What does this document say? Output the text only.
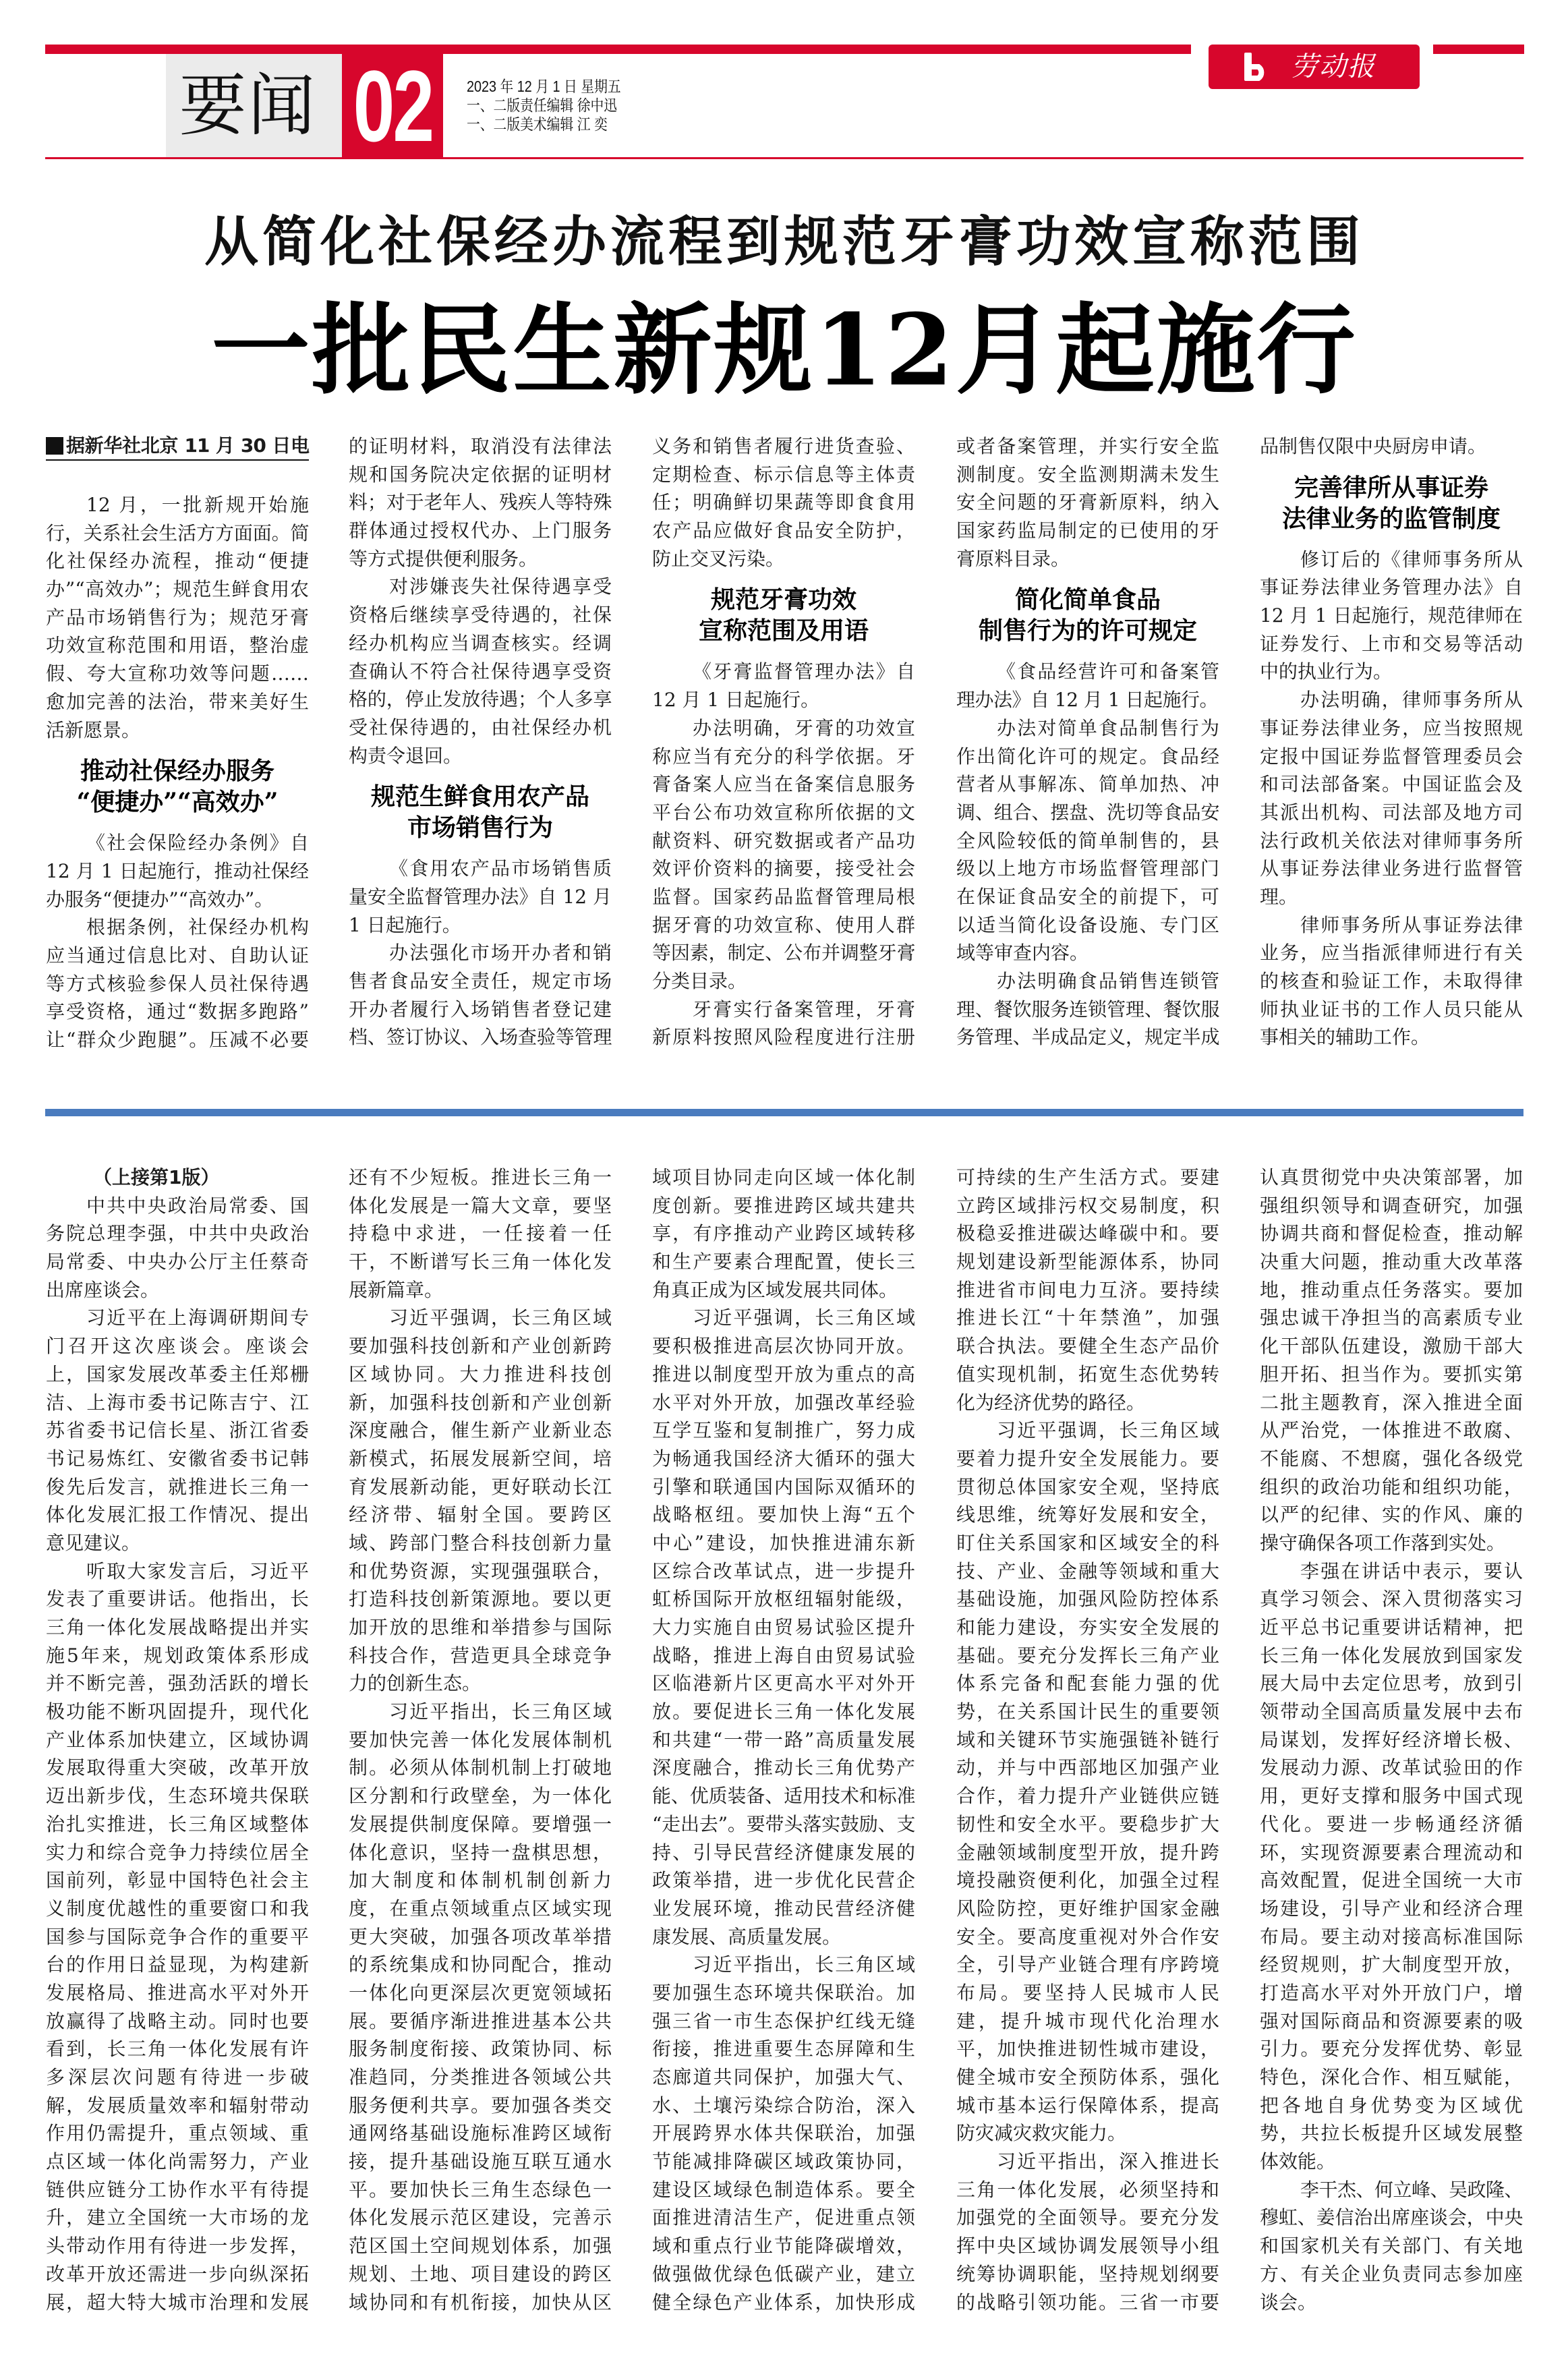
要闻 02 2023 年 12 月 1 日 星期五
一、二版责任编辑 徐中迅
一、二版美术编辑 江 奕
劳动报
从简化社保经办流程到规范牙膏功效宣称范围
一批民生新规12月起施行
据新华社北京 11 月 30 日电
12 月，一批新规开始施
行，关系社会生活方方面面。简
化社保经办流程，推动“便捷
办”“高效办”；规范生鲜食用农
产品市场销售行为；规范牙膏
功效宣称范围和用语，整治虚
假、夸大宣称功效等问题……
愈加完善的法治，带来美好生
活新愿景。
推动社保经办服务
“便捷办”“高效办”
《社会保险经办条例》自
12 月 1 日起施行，推动社保经
办服务“便捷办”“高效办”。
根据条例，社保经办机构
应当通过信息比对、自助认证
等方式核验参保人员社保待遇
享受资格，通过“数据多跑路”
让“群众少跑腿”。压减不必要
的证明材料，取消没有法律法
规和国务院决定依据的证明材
料；对于老年人、残疾人等特殊
群体通过授权代办、上门服务
等方式提供便利服务。
对涉嫌丧失社保待遇享受
资格后继续享受待遇的，社保
经办机构应当调查核实。经调
查确认不符合社保待遇享受资
格的，停止发放待遇；个人多享
受社保待遇的，由社保经办机
构责令退回。
规范生鲜食用农产品
市场销售行为
《食用农产品市场销售质
量安全监督管理办法》自 12 月
1 日起施行。
办法强化市场开办者和销
售者食品安全责任，规定市场
开办者履行入场销售者登记建
档、签订协议、入场查验等管理
义务和销售者履行进货查验、
定期检查、标示信息等主体责
任；明确鲜切果蔬等即食食用
农产品应做好食品安全防护，
防止交叉污染。
规范牙膏功效
宣称范围及用语
《牙膏监督管理办法》自
12 月 1 日起施行。
办法明确，牙膏的功效宣
称应当有充分的科学依据。牙
膏备案人应当在备案信息服务
平台公布功效宣称所依据的文
献资料、研究数据或者产品功
效评价资料的摘要，接受社会
监督。国家药品监督管理局根
据牙膏的功效宣称、使用人群
等因素，制定、公布并调整牙膏
分类目录。
牙膏实行备案管理，牙膏
新原料按照风险程度进行注册
或者备案管理，并实行安全监
测制度。安全监测期满未发生
安全问题的牙膏新原料，纳入
国家药监局制定的已使用的牙
膏原料目录。
简化简单食品
制售行为的许可规定
《食品经营许可和备案管
理办法》自 12 月 1 日起施行。
办法对简单食品制售行为
作出简化许可的规定。食品经
营者从事解冻、简单加热、冲
调、组合、摆盘、洗切等食品安
全风险较低的简单制售的，县
级以上地方市场监督管理部门
在保证食品安全的前提下，可
以适当简化设备设施、专门区
域等审查内容。
办法明确食品销售连锁管
理、餐饮服务连锁管理、餐饮服
务管理、半成品定义，规定半成
品制售仅限中央厨房申请。
完善律所从事证券
法律业务的监管制度
修订后的《律师事务所从
事证券法律业务管理办法》自
12 月 1 日起施行，规范律师在
证券发行、上市和交易等活动
中的执业行为。
办法明确，律师事务所从
事证券法律业务，应当按照规
定报中国证券监督管理委员会
和司法部备案。中国证监会及
其派出机构、司法部及地方司
法行政机关依法对律师事务所
从事证券法律业务进行监督管
理。
律师事务所从事证券法律
业务，应当指派律师进行有关
的核查和验证工作，未取得律
师执业证书的工作人员只能从
事相关的辅助工作。
（上接第1版）
中共中央政治局常委、国
务院总理李强，中共中央政治
局常委、中央办公厅主任蔡奇
出席座谈会。
习近平在上海调研期间专
门召开这次座谈会。座谈会
上，国家发展改革委主任郑栅
洁、上海市委书记陈吉宁、江
苏省委书记信长星、浙江省委
书记易炼红、安徽省委书记韩
俊先后发言，就推进长三角一
体化发展汇报工作情况、提出
意见建议。
听取大家发言后，习近平
发表了重要讲话。他指出，长
三角一体化发展战略提出并实
施5年来，规划政策体系形成
并不断完善，强劲活跃的增长
极功能不断巩固提升，现代化
产业体系加快建立，区域协调
发展取得重大突破，改革开放
迈出新步伐，生态环境共保联
治扎实推进，长三角区域整体
实力和综合竞争力持续位居全
国前列，彰显中国特色社会主
义制度优越性的重要窗口和我
国参与国际竞争合作的重要平
台的作用日益显现，为构建新
发展格局、推进高水平对外开
放赢得了战略主动。同时也要
看到，长三角一体化发展有许
多深层次问题有待进一步破
解，发展质量效率和辐射带动
作用仍需提升，重点领域、重
点区域一体化尚需努力，产业
链供应链分工协作水平有待提
升，建立全国统一大市场的龙
头带动作用有待进一步发挥，
改革开放还需进一步向纵深拓
展，超大特大城市治理和发展
还有不少短板。推进长三角一
体化发展是一篇大文章，要坚
持稳中求进，一任接着一任
干，不断谱写长三角一体化发
展新篇章。
习近平强调，长三角区域
要加强科技创新和产业创新跨
区域协同。大力推进科技创
新，加强科技创新和产业创新
深度融合，催生新产业新业态
新模式，拓展发展新空间，培
育发展新动能，更好联动长江
经济带、辐射全国。要跨区
域、跨部门整合科技创新力量
和优势资源，实现强强联合，
打造科技创新策源地。要以更
加开放的思维和举措参与国际
科技合作，营造更具全球竞争
力的创新生态。
习近平指出，长三角区域
要加快完善一体化发展体制机
制。必须从体制机制上打破地
区分割和行政壁垒，为一体化
发展提供制度保障。要增强一
体化意识，坚持一盘棋思想，
加大制度和体制机制创新力
度，在重点领域重点区域实现
更大突破，加强各项改革举措
的系统集成和协同配合，推动
一体化向更深层次更宽领域拓
展。要循序渐进推进基本公共
服务制度衔接、政策协同、标
准趋同，分类推进各领域公共
服务便利共享。要加强各类交
通网络基础设施标准跨区域衔
接，提升基础设施互联互通水
平。要加快长三角生态绿色一
体化发展示范区建设，完善示
范区国土空间规划体系，加强
规划、土地、项目建设的跨区
域协同和有机衔接，加快从区
域项目协同走向区域一体化制
度创新。要推进跨区域共建共
享，有序推动产业跨区域转移
和生产要素合理配置，使长三
角真正成为区域发展共同体。
习近平强调，长三角区域
要积极推进高层次协同开放。
推进以制度型开放为重点的高
水平对外开放，加强改革经验
互学互鉴和复制推广，努力成
为畅通我国经济大循环的强大
引擎和联通国内国际双循环的
战略枢纽。要加快上海“五个
中心”建设，加快推进浦东新
区综合改革试点，进一步提升
虹桥国际开放枢纽辐射能级，
大力实施自由贸易试验区提升
战略，推进上海自由贸易试验
区临港新片区更高水平对外开
放。要促进长三角一体化发展
和共建“一带一路”高质量发展
深度融合，推动长三角优势产
能、优质装备、适用技术和标准
“走出去”。要带头落实鼓励、支
持、引导民营经济健康发展的
政策举措，进一步优化民营企
业发展环境，推动民营经济健
康发展、高质量发展。
习近平指出，长三角区域
要加强生态环境共保联治。加
强三省一市生态保护红线无缝
衔接，推进重要生态屏障和生
态廊道共同保护，加强大气、
水、土壤污染综合防治，深入
开展跨界水体共保联治，加强
节能减排降碳区域政策协同，
建设区域绿色制造体系。要全
面推进清洁生产，促进重点领
域和重点行业节能降碳增效，
做强做优绿色低碳产业，建立
健全绿色产业体系，加快形成
可持续的生产生活方式。要建
立跨区域排污权交易制度，积
极稳妥推进碳达峰碳中和。要
规划建设新型能源体系，协同
推进省市间电力互济。要持续
推进长江“十年禁渔”，加强
联合执法。要健全生态产品价
值实现机制，拓宽生态优势转
化为经济优势的路径。
习近平强调，长三角区域
要着力提升安全发展能力。要
贯彻总体国家安全观，坚持底
线思维，统筹好发展和安全，
盯住关系国家和区域安全的科
技、产业、金融等领域和重大
基础设施，加强风险防控体系
和能力建设，夯实安全发展的
基础。要充分发挥长三角产业
体系完备和配套能力强的优
势，在关系国计民生的重要领
域和关键环节实施强链补链行
动，并与中西部地区加强产业
合作，着力提升产业链供应链
韧性和安全水平。要稳步扩大
金融领域制度型开放，提升跨
境投融资便利化，加强全过程
风险防控，更好维护国家金融
安全。要高度重视对外合作安
全，引导产业链合理有序跨境
布局。要坚持人民城市人民
建，提升城市现代化治理水
平，加快推进韧性城市建设，
健全城市安全预防体系，强化
城市基本运行保障体系，提高
防灾减灾救灾能力。
习近平指出，深入推进长
三角一体化发展，必须坚持和
加强党的全面领导。要充分发
挥中央区域协调发展领导小组
统筹协调职能，坚持规划纲要
的战略引领功能。三省一市要
认真贯彻党中央决策部署，加
强组织领导和调查研究，加强
协调共商和督促检查，推动解
决重大问题，推动重大改革落
地，推动重点任务落实。要加
强忠诚干净担当的高素质专业
化干部队伍建设，激励干部大
胆开拓、担当作为。要抓实第
二批主题教育，深入推进全面
从严治党，一体推进不敢腐、
不能腐、不想腐，强化各级党
组织的政治功能和组织功能，
以严的纪律、实的作风、廉的
操守确保各项工作落到实处。
李强在讲话中表示，要认
真学习领会、深入贯彻落实习
近平总书记重要讲话精神，把
长三角一体化发展放到国家发
展大局中去定位思考，放到引
领带动全国高质量发展中去布
局谋划，发挥好经济增长极、
发展动力源、改革试验田的作
用，更好支撑和服务中国式现
代化。要进一步畅通经济循
环，实现资源要素合理流动和
高效配置，促进全国统一大市
场建设，引导产业和经济合理
布局。要主动对接高标准国际
经贸规则，扩大制度型开放，
打造高水平对外开放门户，增
强对国际商品和资源要素的吸
引力。要充分发挥优势、彰显
特色，深化合作、相互赋能，
把各地自身优势变为区域优
势，共拉长板提升区域发展整
体效能。
李干杰、何立峰、吴政隆、
穆虹、姜信治出席座谈会，中央
和国家机关有关部门、有关地
方、有关企业负责同志参加座
谈会。
